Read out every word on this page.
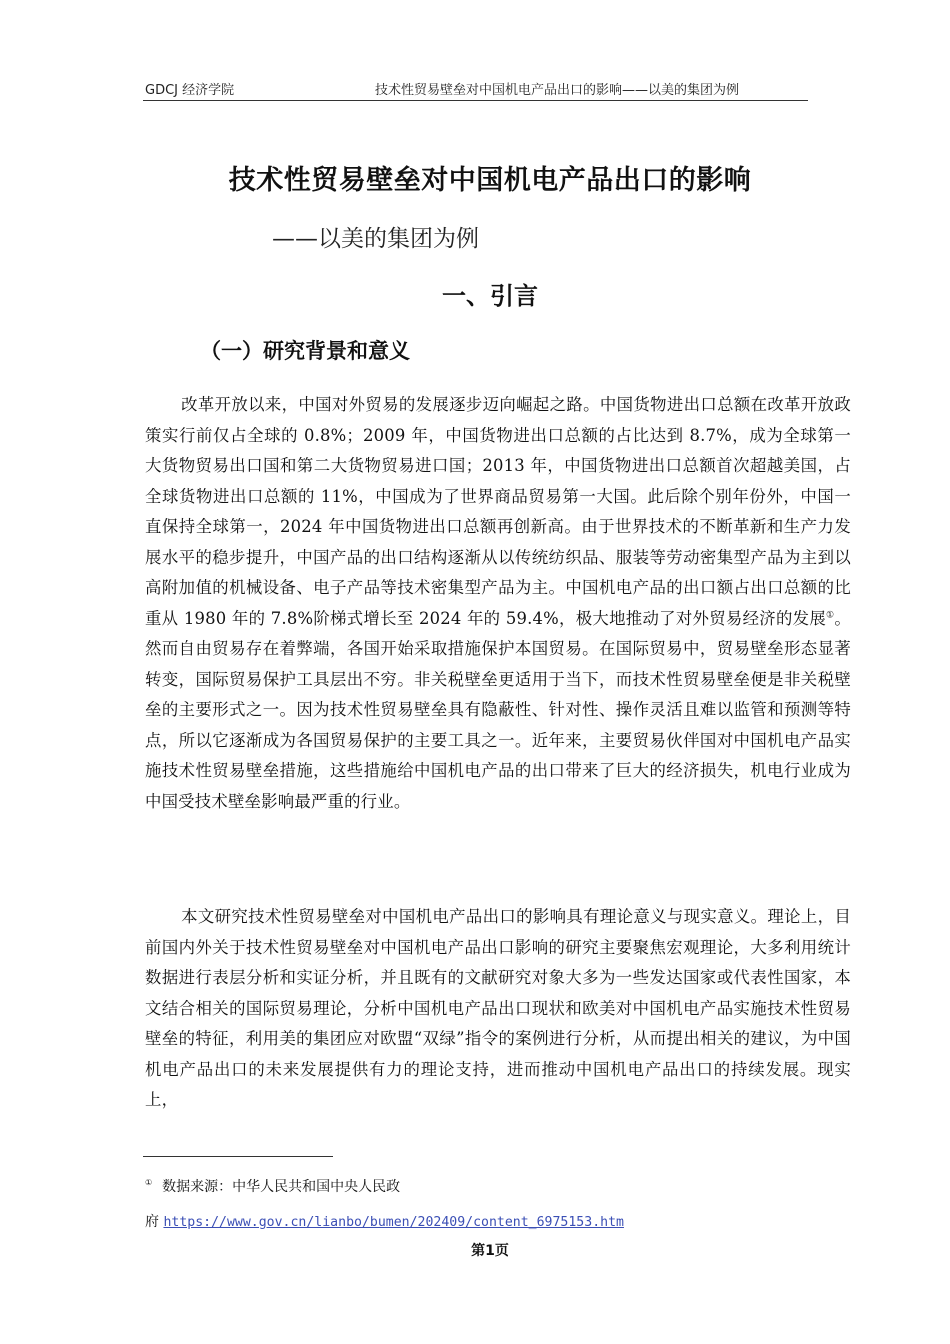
GDCJ 经济学院	技术性贸易壁垒对中国机电产品出口的影响——以美的集团为例
技术性贸易壁垒对中国机电产品出口的影响
——以美的集团为例
一、引言
（一）研究背景和意义
改革开放以来，中国对外贸易的发展逐步迈向崛起之路。中国货物进出口总额在改革开放政策实行前仅占全球的 0.8%；2009 年，中国货物进出口总额的占比达到 8.7%，成为全球第一大货物贸易出口国和第二大货物贸易进口国；2013 年，中国货物进出口总额首次超越美国，占全球货物进出口总额的 11%，中国成为了世界商品贸易第一大国。此后除个别年份外，中国一直保持全球第一，2024 年中国货物进出口总额再创新高。由于世界技术的不断革新和生产力发展水平的稳步提升，中国产品的出口结构逐渐从以传统纺织品、服装等劳动密集型产品为主到以高附加值的机械设备、电子产品等技术密集型产品为主。中国机电产品的出口额占出口总额的比重从 1980 年的 7.8%阶梯式增长至 2024 年的 59.4%，极大地推动了对外贸易经济的发展①。然而自由贸易存在着弊端，各国开始采取措施保护本国贸易。在国际贸易中，贸易壁垒形态显著转变，国际贸易保护工具层出不穷。非关税壁垒更适用于当下，而技术性贸易壁垒便是非关税壁垒的主要形式之一。因为技术性贸易壁垒具有隐蔽性、针对性、操作灵活且难以监管和预测等特点，所以它逐渐成为各国贸易保护的主要工具之一。近年来，主要贸易伙伴国对中国机电产品实施技术性贸易壁垒措施，这些措施给中国机电产品的出口带来了巨大的经济损失，机电行业成为中国受技术壁垒影响最严重的行业。
本文研究技术性贸易壁垒对中国机电产品出口的影响具有理论意义与现实意义。理论上，目前国内外关于技术性贸易壁垒对中国机电产品出口影响的研究主要聚焦宏观理论，大多利用统计数据进行表层分析和实证分析，并且既有的文献研究对象大多为一些发达国家或代表性国家，本文结合相关的国际贸易理论，分析中国机电产品出口现状和欧美对中国机电产品实施技术性贸易壁垒的特征，利用美的集团应对欧盟“双绿”指令的案例进行分析，从而提出相关的建议，为中国机电产品出口的未来发展提供有力的理论支持，进而推动中国机电产品出口的持续发展。现实上，
① 数据来源：中华人民共和国中央人民政
府 https://www.gov.cn/lianbo/bumen/202409/content_6975153.htm
第1页
